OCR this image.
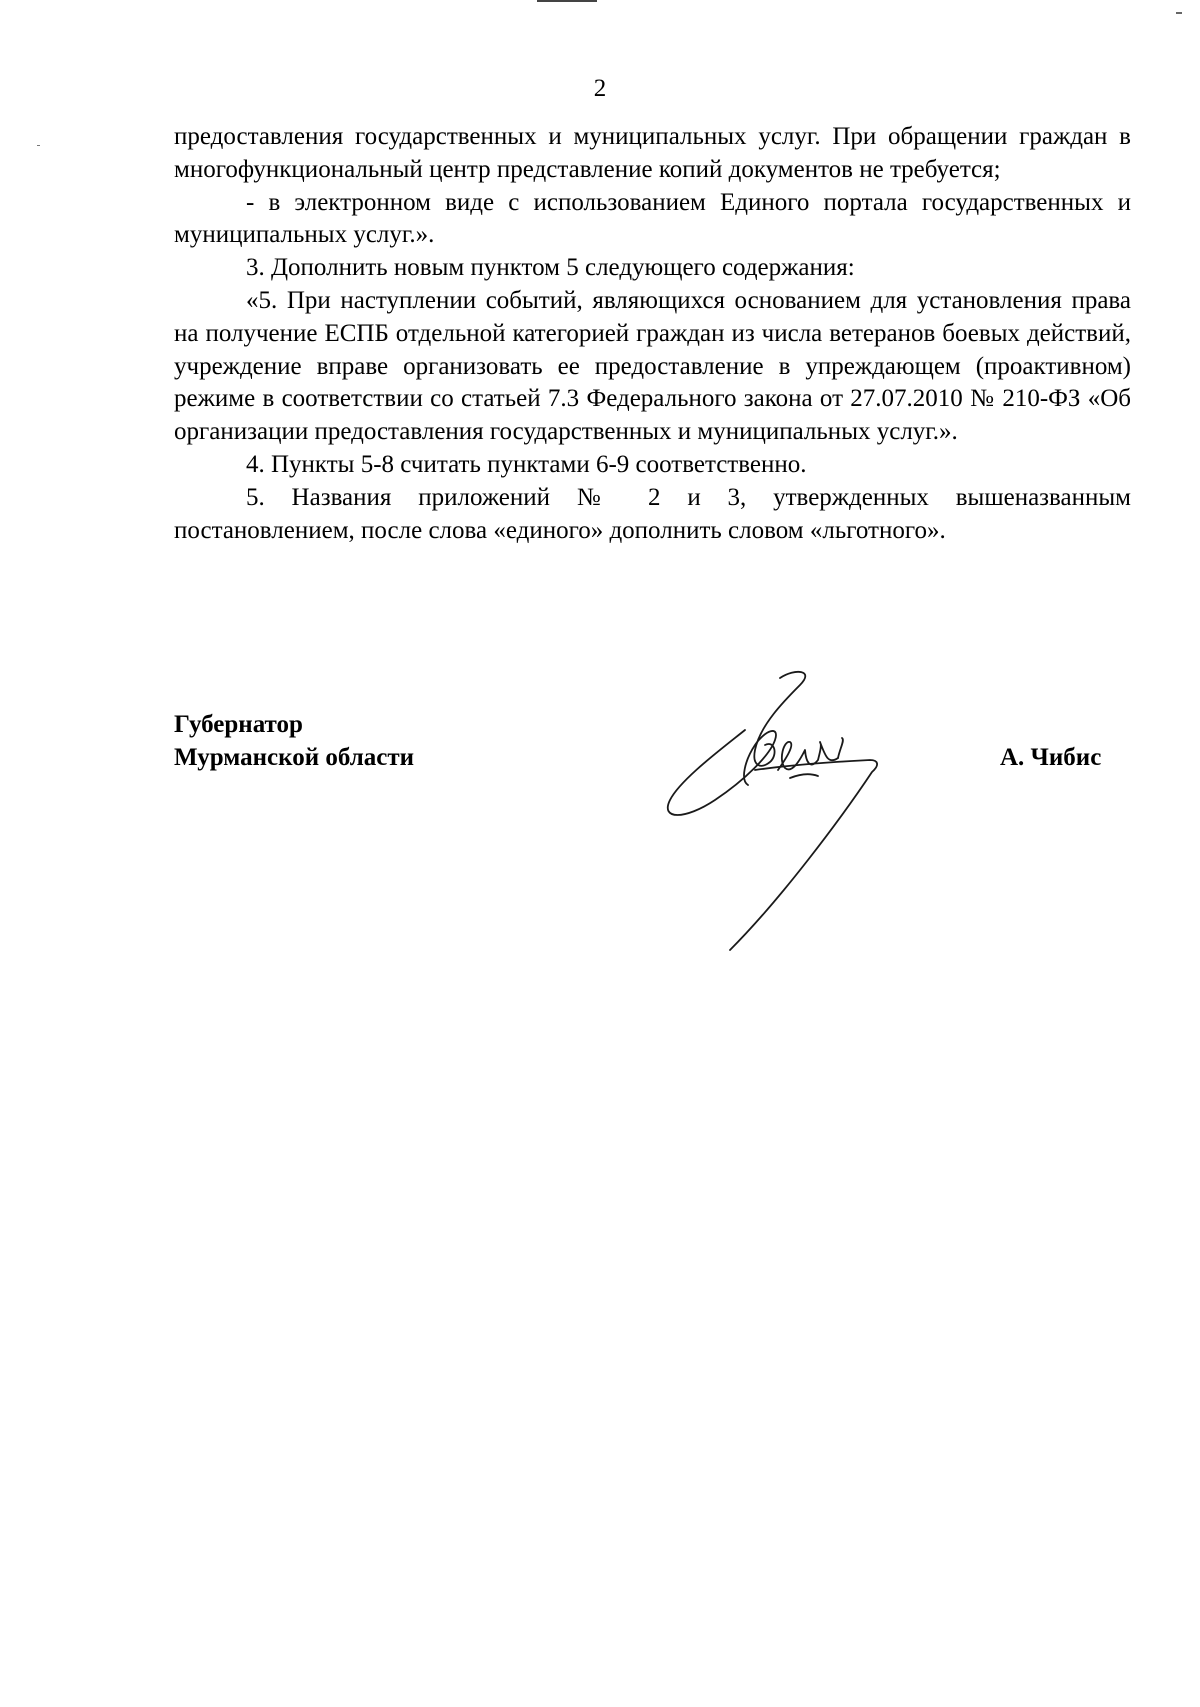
2

предоставления государственных и муниципальных услуг. При обращении граждан в многофункциональный центр представление копий документов не требуется;

- в электронном виде с использованием Единого портала государственных и муниципальных услуг.».

3. Дополнить новым пунктом 5 следующего содержания:

«5. При наступлении событий, являющихся основанием для установления права на получение ЕСПБ отдельной категорией граждан из числа ветеранов боевых действий, учреждение вправе организовать ее предоставление в упреждающем (проактивном) режиме в соответствии со статьей 7.3 Федерального закона от 27.07.2010 № 210-ФЗ «Об организации предоставления государственных и муниципальных услуг.».

4. Пункты 5-8 считать пунктами 6-9 соответственно.

5. Названия приложений № 2 и 3, утвержденных вышеназванным постановлением, после слова «единого» дополнить словом «льготного».

Губернатор
Мурманской области	А. Чибис
